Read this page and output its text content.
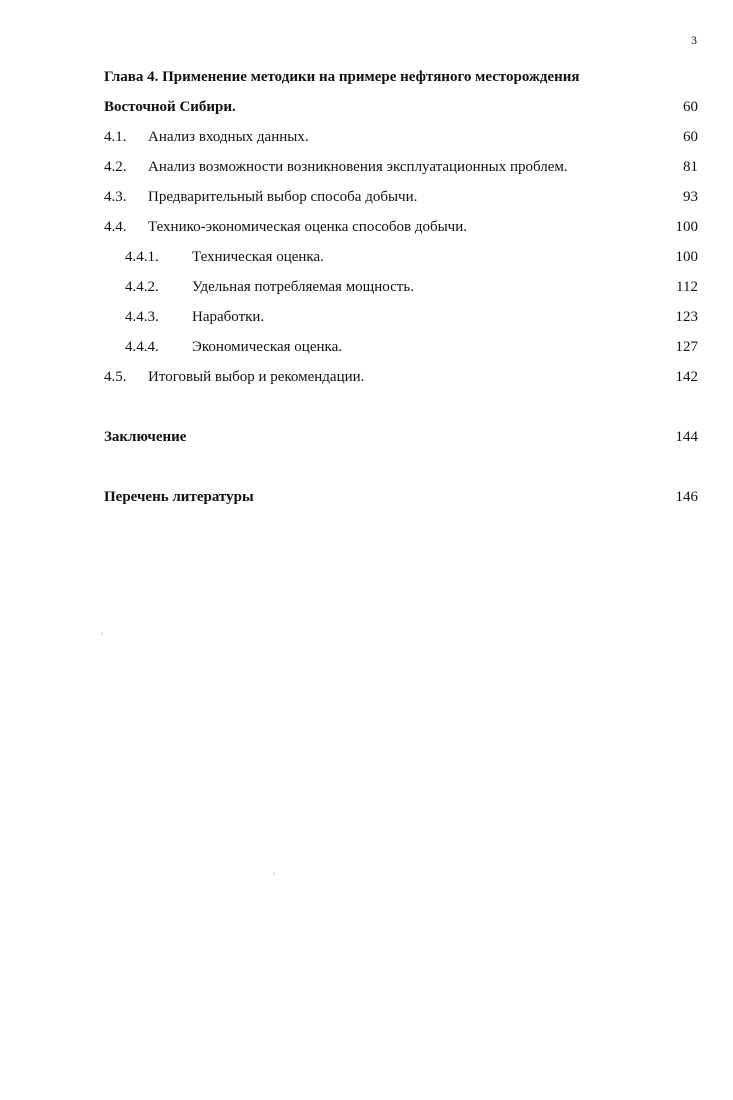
3
Глава 4. Применение методики на примере нефтяного месторождения
Восточной Сибири.	60
4.1. Анализ входных данных.	60
4.2. Анализ возможности возникновения эксплуатационных проблем.	81
4.3. Предварительный выбор способа добычи.	93
4.4. Технико-экономическая оценка способов добычи.	100
4.4.1. Техническая оценка.	100
4.4.2. Удельная потребляемая мощность.	112
4.4.3. Наработки.	123
4.4.4. Экономическая оценка.	127
4.5. Итоговый выбор и рекомендации.	142
Заключение	144
Перечень литературы	146
